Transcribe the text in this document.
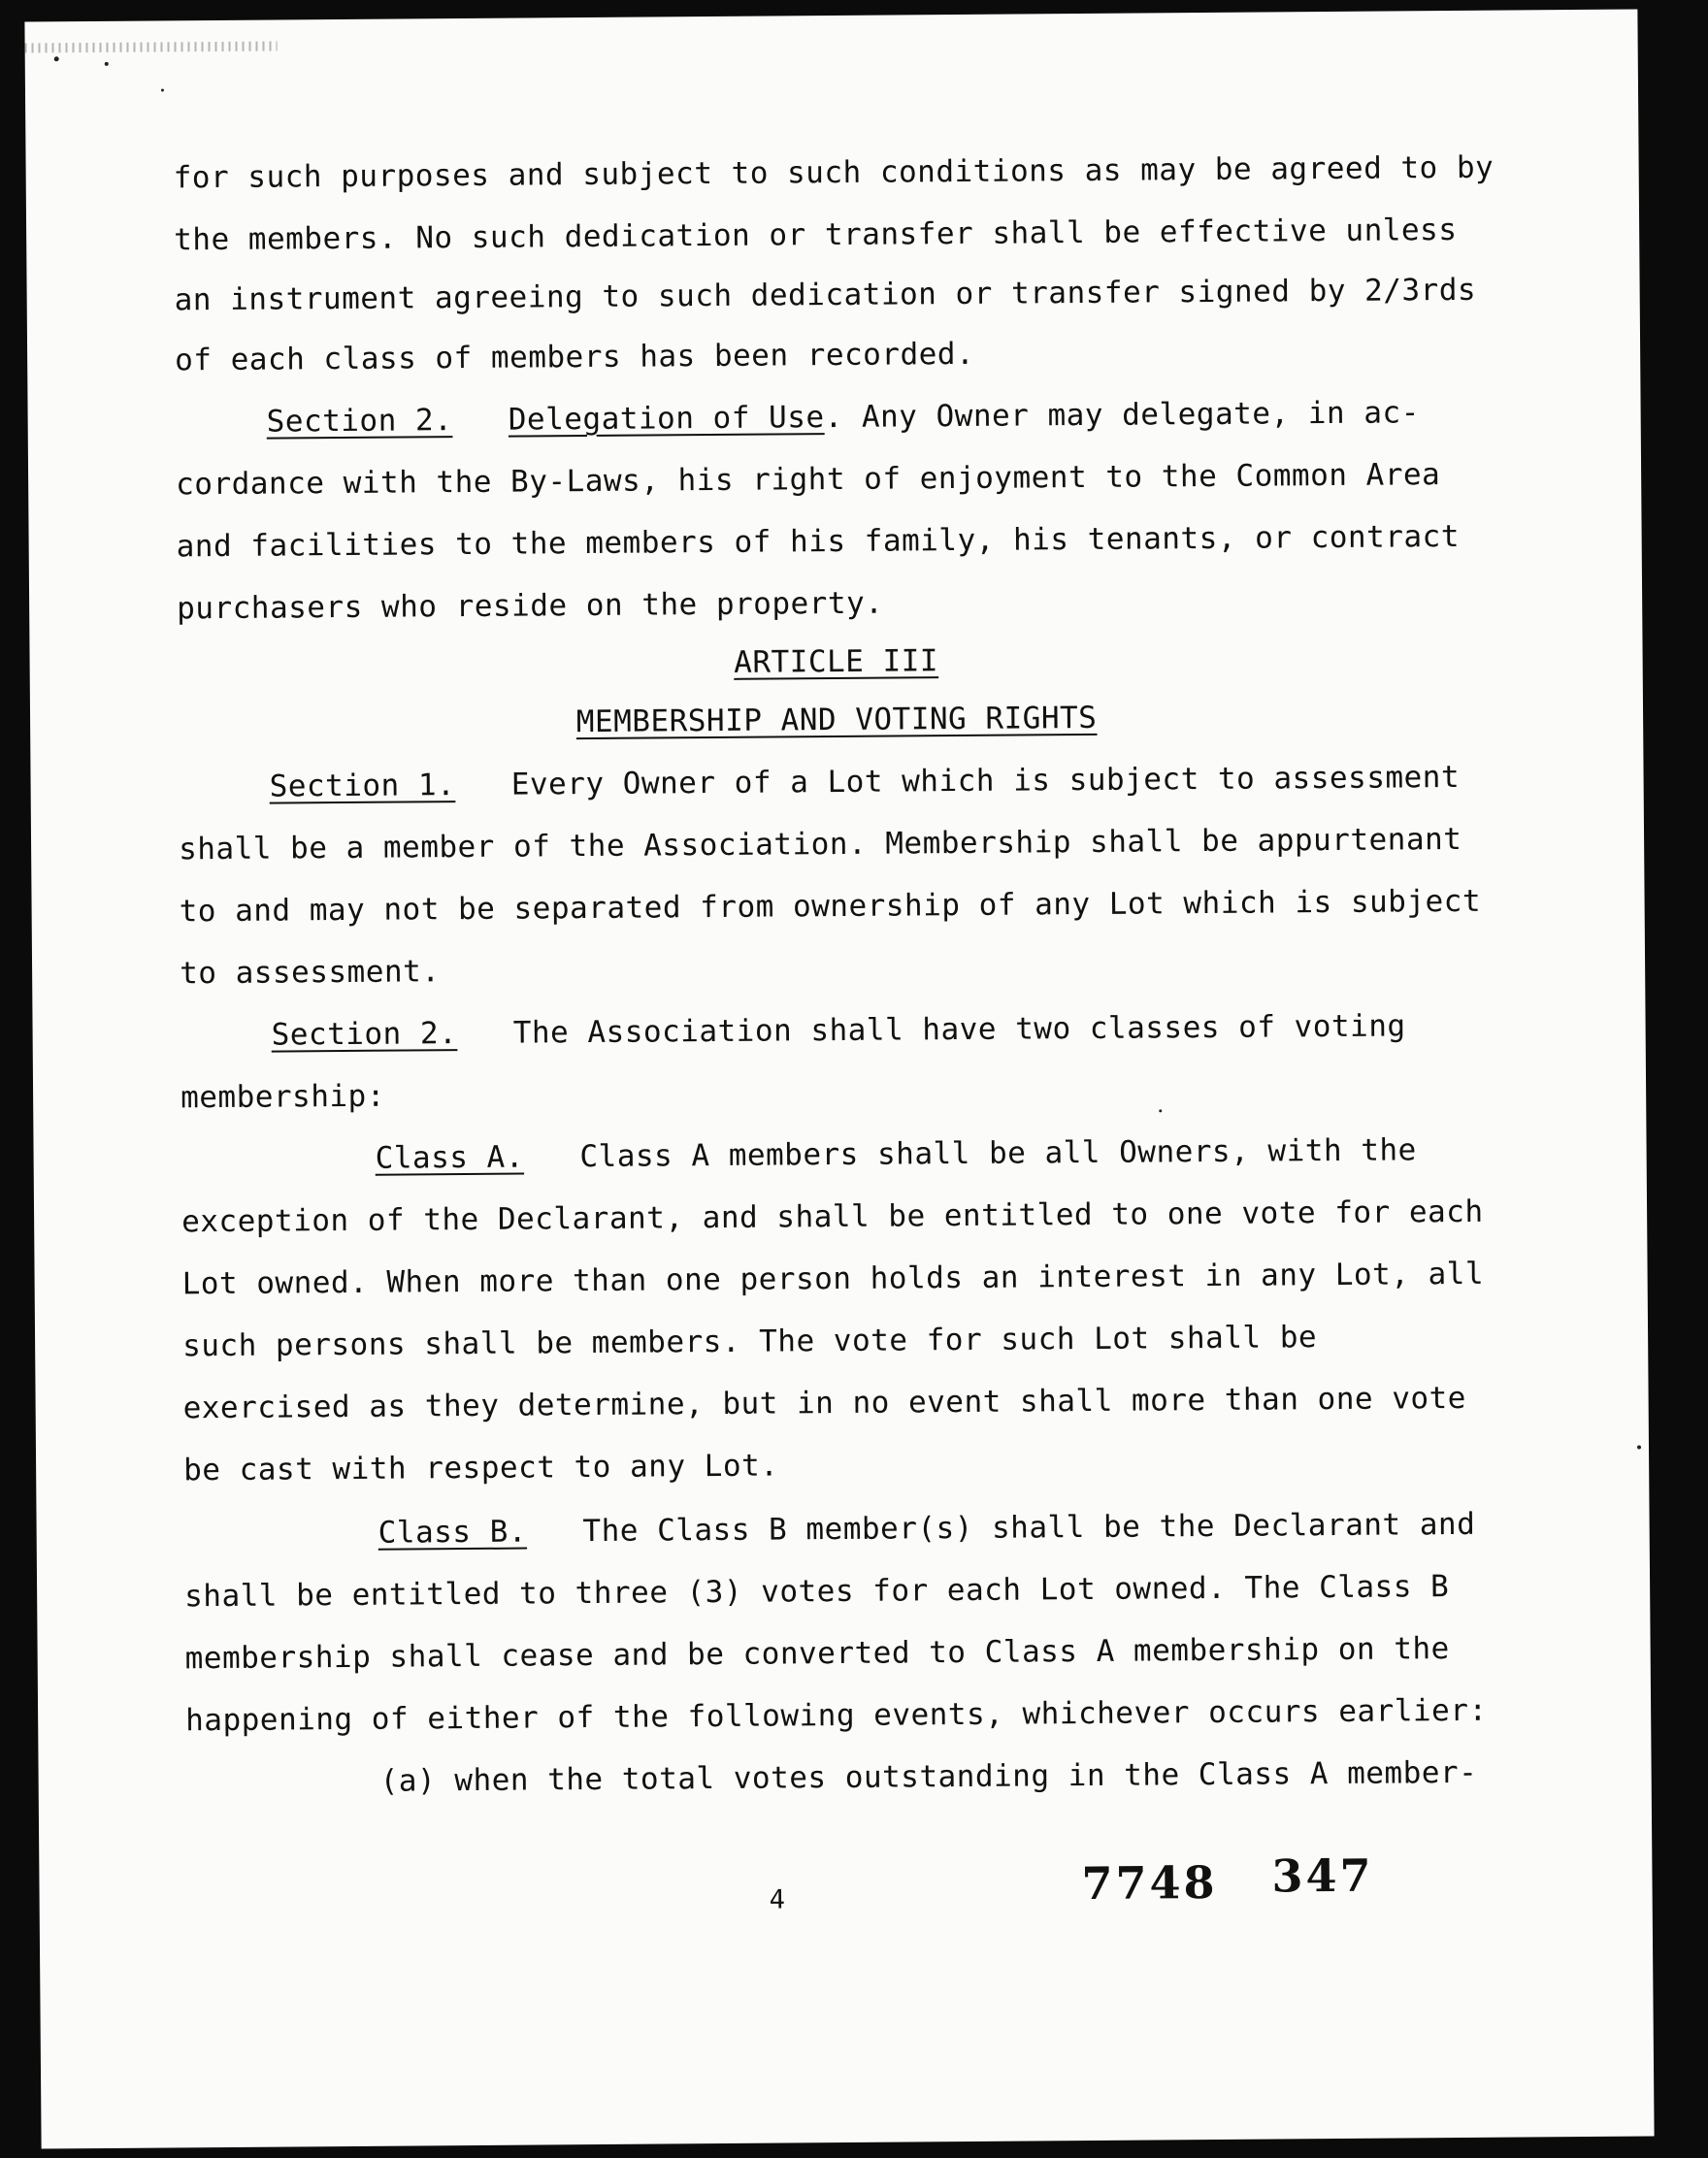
for such purposes and subject to such conditions as may be agreed to by
the members. No such dedication or transfer shall be effective unless
an instrument agreeing to such dedication or transfer signed by 2/3rds
of each class of members has been recorded.
Section 2. Delegation of Use. Any Owner may delegate, in ac-
cordance with the By-Laws, his right of enjoyment to the Common Area
and facilities to the members of his family, his tenants, or contract
purchasers who reside on the property.
ARTICLE III
MEMBERSHIP AND VOTING RIGHTS
Section 1. Every Owner of a Lot which is subject to assessment
shall be a member of the Association. Membership shall be appurtenant
to and may not be separated from ownership of any Lot which is subject
to assessment.
Section 2. The Association shall have two classes of voting
membership:
Class A. Class A members shall be all Owners, with the
exception of the Declarant, and shall be entitled to one vote for each
Lot owned. When more than one person holds an interest in any Lot, all
such persons shall be members. The vote for such Lot shall be
exercised as they determine, but in no event shall more than one vote
be cast with respect to any Lot.
Class B. The Class B member(s) shall be the Declarant and
shall be entitled to three (3) votes for each Lot owned. The Class B
membership shall cease and be converted to Class A membership on the
happening of either of the following events, whichever occurs earlier:
(a) when the total votes outstanding in the Class A member-
4	7748 347
